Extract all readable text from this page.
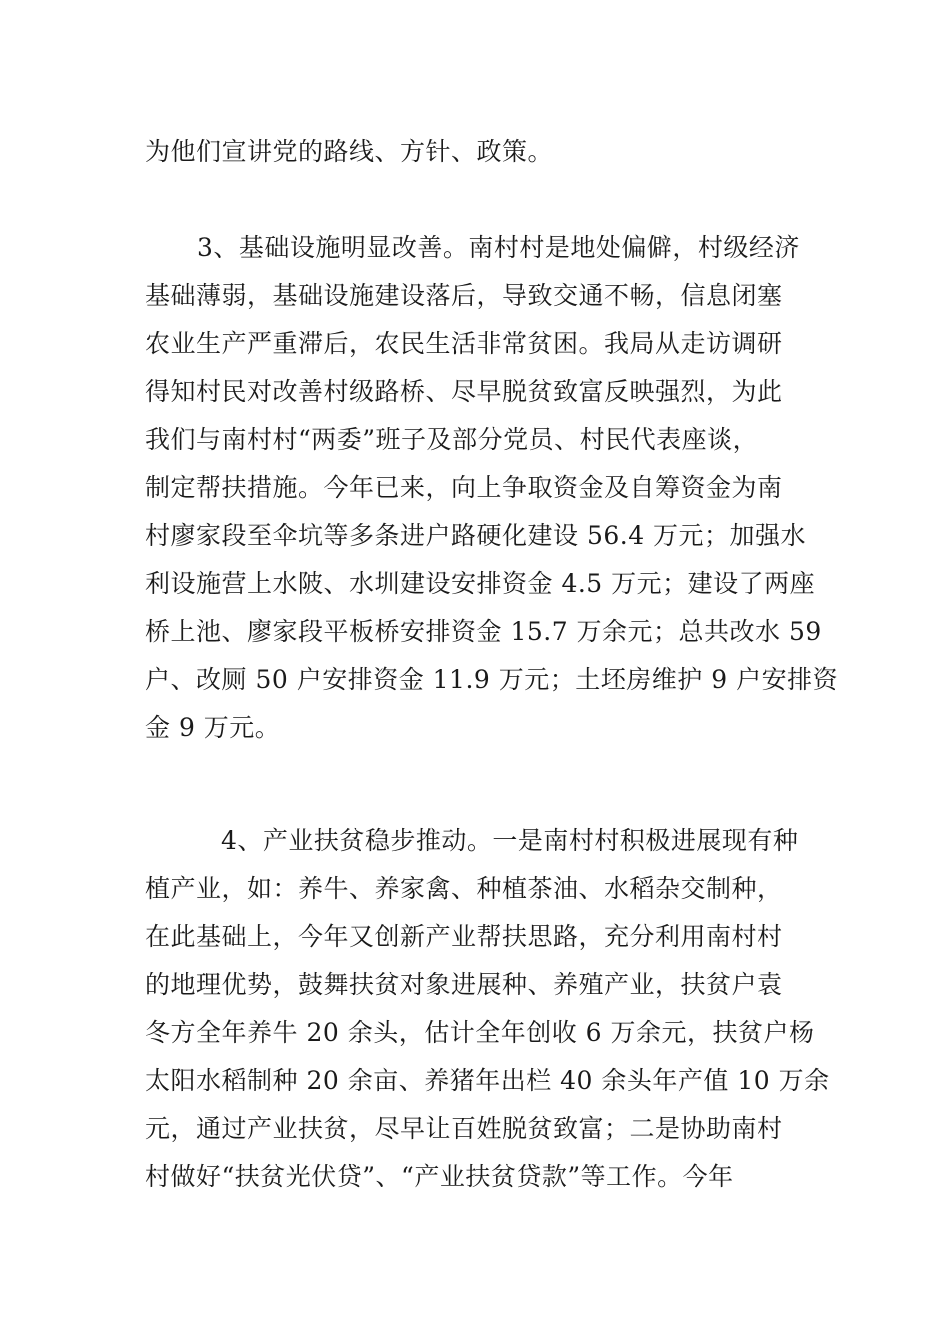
为他们宣讲党的路线、方针、政策。
3、基础设施明显改善。南村村是地处偏僻，村级经济
基础薄弱，基础设施建设落后，导致交通不畅，信息闭塞
农业生产严重滞后，农民生活非常贫困。我局从走访调研
得知村民对改善村级路桥、尽早脱贫致富反映强烈，为此
我们与南村村“两委”班子及部分党员、村民代表座谈，
制定帮扶措施。今年已来，向上争取资金及自筹资金为南
村廖家段至伞坑等多条进户路硬化建设 56.4 万元；加强水
利设施营上水陂、水圳建设安排资金 4.5 万元；建设了两座
桥上池、廖家段平板桥安排资金 15.7 万余元；总共改水 59
户、改厕 50 户安排资金 11.9 万元；土坯房维护 9 户安排资
金 9 万元。
4、产业扶贫稳步推动。一是南村村积极进展现有种
植产业，如：养牛、养家禽、种植茶油、水稻杂交制种，
在此基础上，今年又创新产业帮扶思路，充分利用南村村
的地理优势，鼓舞扶贫对象进展种、养殖产业，扶贫户袁
冬方全年养牛 20 余头，估计全年创收 6 万余元，扶贫户杨
太阳水稻制种 20 余亩、养猪年出栏 40 余头年产值 10 万余
元，通过产业扶贫，尽早让百姓脱贫致富；二是协助南村
村做好“扶贫光伏贷”、“产业扶贫贷款”等工作。今年
